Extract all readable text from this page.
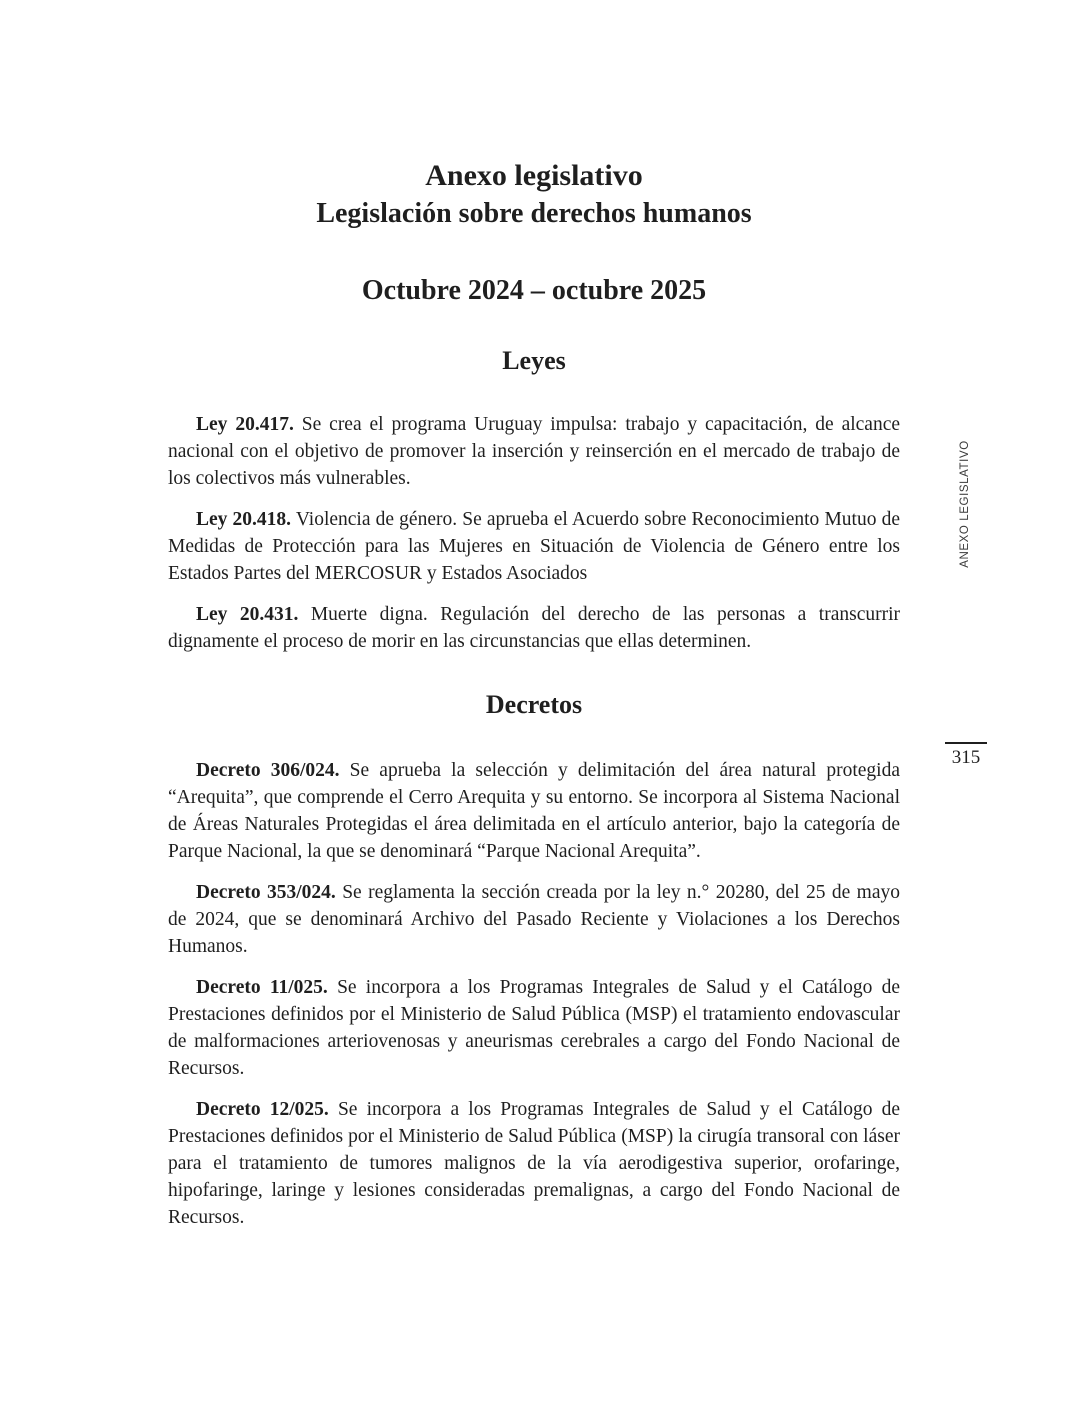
Anexo legislativo
Legislación sobre derechos humanos
Octubre 2024 – octubre 2025
Leyes

Ley 20.417. Se crea el programa Uruguay impulsa: trabajo y capacitación, de alcance nacional con el objetivo de promover la inserción y reinserción en el mercado de trabajo de los colectivos más vulnerables.

Ley 20.418. Violencia de género. Se aprueba el Acuerdo sobre Reconocimiento Mutuo de Medidas de Protección para las Mujeres en Situación de Violencia de Género entre los Estados Partes del MERCOSUR y Estados Asociados

Ley 20.431. Muerte digna. Regulación del derecho de las personas a transcurrir dignamente el proceso de morir en las circunstancias que ellas determinen.

Decretos

Decreto 306/024. Se aprueba la selección y delimitación del área natural protegida “Arequita”, que comprende el Cerro Arequita y su entorno. Se incorpora al Sistema Nacional de Áreas Naturales Protegidas el área delimitada en el artículo anterior, bajo la categoría de Parque Nacional, la que se denominará “Parque Nacional Arequita”.

Decreto 353/024. Se reglamenta la sección creada por la ley n.° 20280, del 25 de mayo de 2024, que se denominará Archivo del Pasado Reciente y Violaciones a los Derechos Humanos.

Decreto 11/025. Se incorpora a los Programas Integrales de Salud y el Catálogo de Prestaciones definidos por el Ministerio de Salud Pública (MSP) el tratamiento endovascular de malformaciones arteriovenosas y aneurismas cerebrales a cargo del Fondo Nacional de Recursos.

Decreto 12/025. Se incorpora a los Programas Integrales de Salud y el Catálogo de Prestaciones definidos por el Ministerio de Salud Pública (MSP) la cirugía transoral con láser para el tratamiento de tumores malignos de la vía aerodigestiva superior, orofaringe, hipofaringe, laringe y lesiones consideradas premalignas, a cargo del Fondo Nacional de Recursos.

ANEXO LEGISLATIVO
315
